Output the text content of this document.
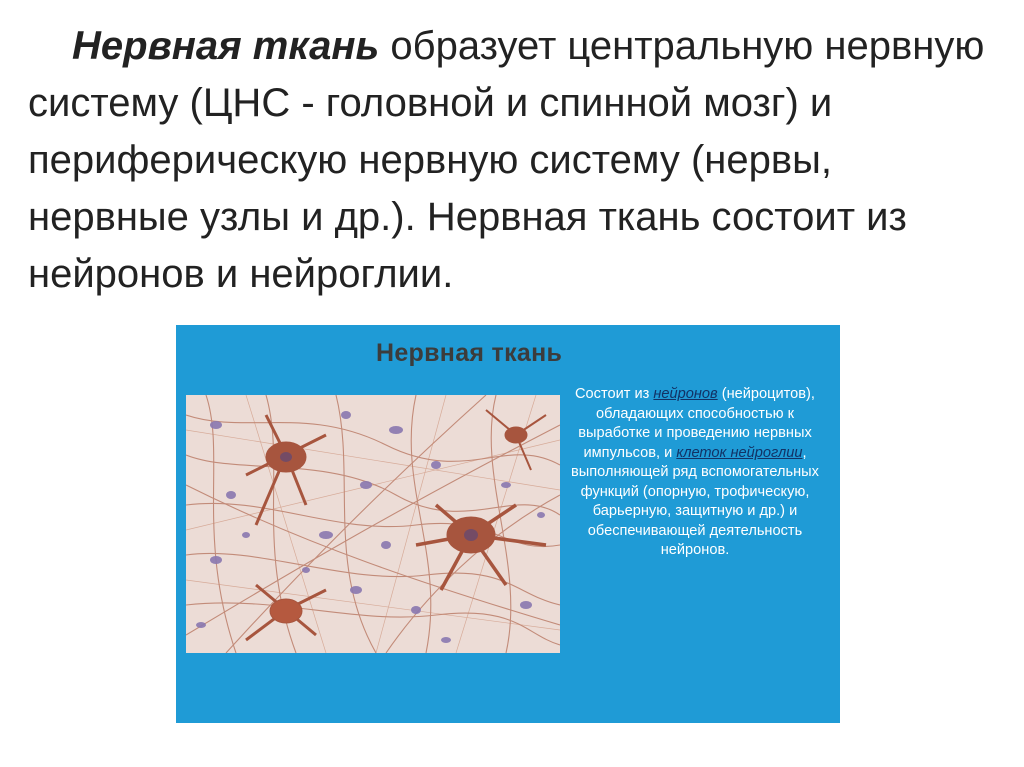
Нервная ткань образует центральную нервную систему (ЦНС - головной и спинной мозг) и периферическую нервную систему (нервы, нервные узлы и др.). Нервная ткань состоит из нейронов и нейроглии.

Нервная ткань
Состоит из нейронов (нейроцитов), обладающих способностью к выработке и проведению нервных импульсов, и клеток нейроглии, выполняющей ряд вспомогательных функций (опорную, трофическую, барьерную, защитную и др.) и обеспечивающей деятельность нейронов.
